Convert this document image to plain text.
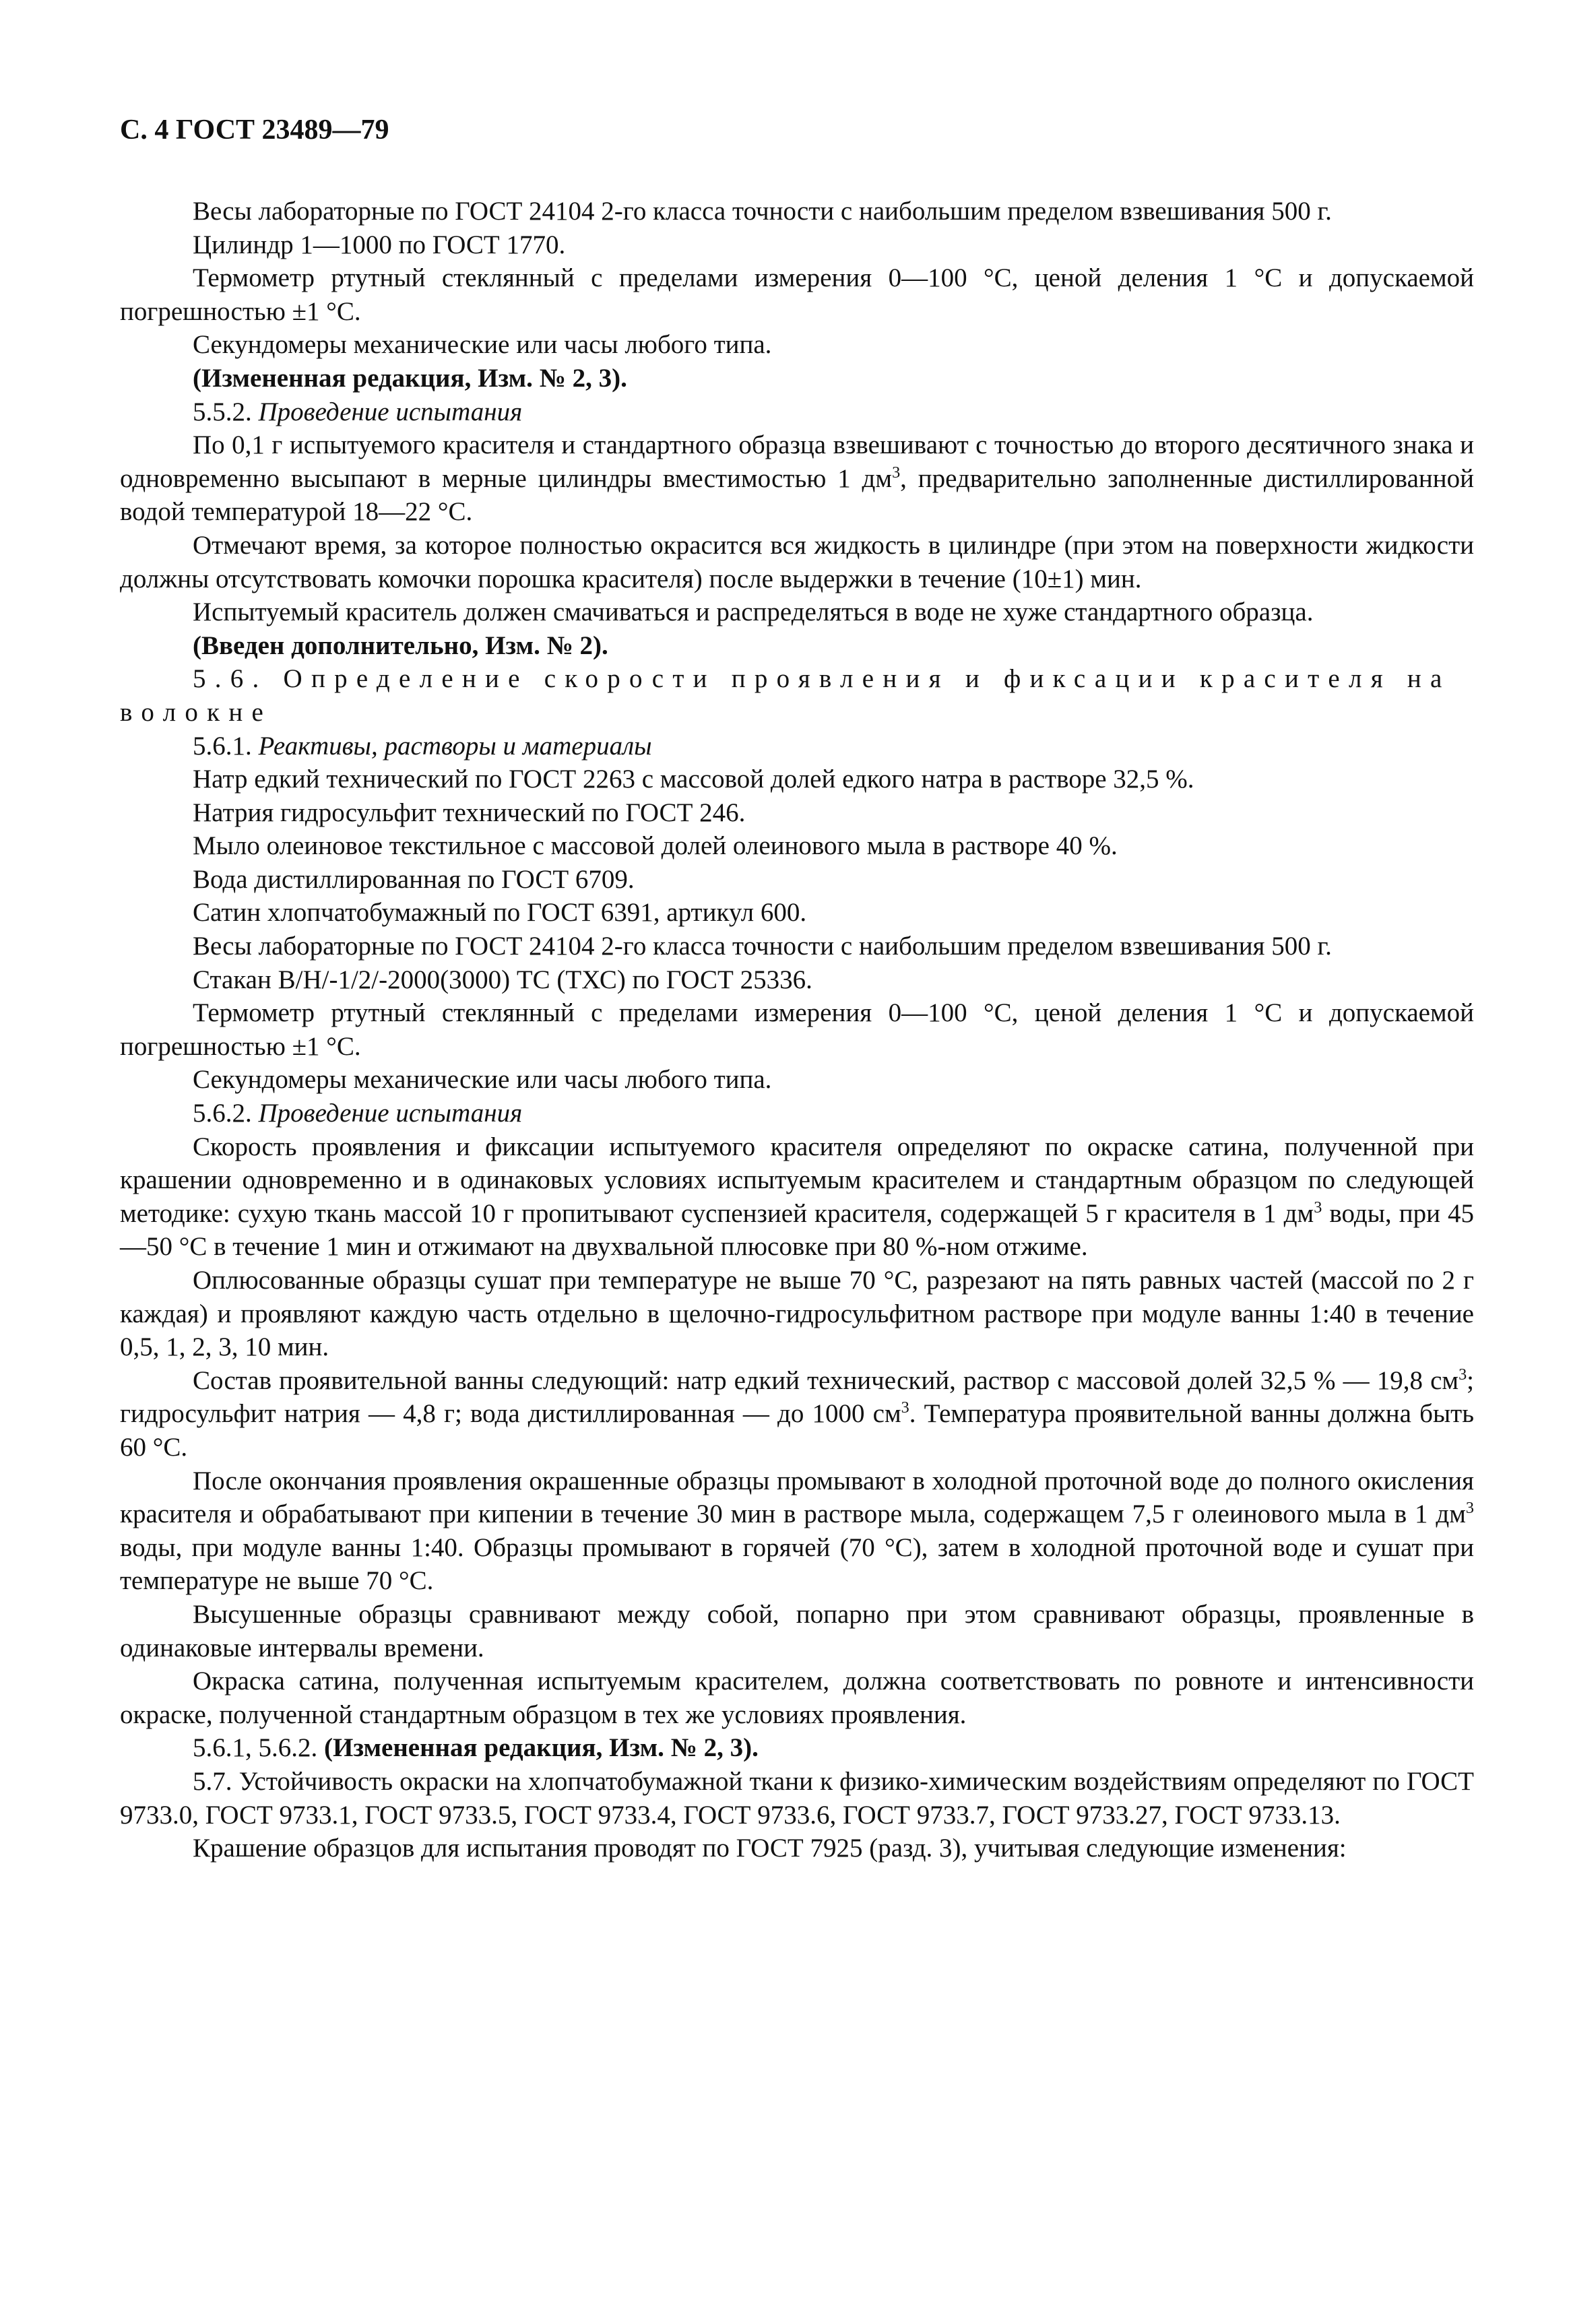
С. 4 ГОСТ 23489—79

Весы лабораторные по ГОСТ 24104 2-го класса точности с наибольшим пределом взвешивания 500 г.

Цилиндр 1—1000 по ГОСТ 1770.

Термометр ртутный стеклянный с пределами измерения 0—100 °С, ценой деления 1 °С и допускаемой погрешностью ±1 °С.

Секундомеры механические или часы любого типа.

(Измененная редакция, Изм. № 2, 3).

5.5.2. Проведение испытания

По 0,1 г испытуемого красителя и стандартного образца взвешивают с точностью до второго десятичного знака и одновременно высыпают в мерные цилиндры вместимостью 1 $дм^3$, предварительно заполненные дистиллированной водой температурой 18—22 °С.

Отмечают время, за которое полностью окрасится вся жидкость в цилиндре (при этом на поверхности жидкости должны отсутствовать комочки порошка красителя) после выдержки в течение (10±1) мин.

Испытуемый краситель должен смачиваться и распределяться в воде не хуже стандартного образца.

(Введен дополнительно, Изм. № 2).

5.6. Определение скорости проявления и фиксации красителя на волокне

5.6.1. Реактивы, растворы и материалы

Натр едкий технический по ГОСТ 2263 с массовой долей едкого натра в растворе 32,5 %.

Натрия гидросульфит технический по ГОСТ 246.

Мыло олеиновое текстильное с массовой долей олеинового мыла в растворе 40 %.

Вода дистиллированная по ГОСТ 6709.

Сатин хлопчатобумажный по ГОСТ 6391, артикул 600.

Весы лабораторные по ГОСТ 24104 2-го класса точности с наибольшим пределом взвешивания 500 г.

Стакан В/Н/-1/2/-2000(3000) ТС (ТХС) по ГОСТ 25336.

Термометр ртутный стеклянный с пределами измерения 0—100 °С, ценой деления 1 °С и допускаемой погрешностью ±1 °С.

Секундомеры механические или часы любого типа.

5.6.2. Проведение испытания

Скорость проявления и фиксации испытуемого красителя определяют по окраске сатина, полученной при крашении одновременно и в одинаковых условиях испытуемым красителем и стандартным образцом по следующей методике: сухую ткань массой 10 г пропитывают суспензией красителя, содержащей 5 г красителя в 1 $дм^3$ воды, при 45—50 °С в течение 1 мин и отжимают на двухвальной плюсовке при 80 %-ном отжиме.

Оплюсованные образцы сушат при температуре не выше 70 °С, разрезают на пять равных частей (массой по 2 г каждая) и проявляют каждую часть отдельно в щелочно-гидросульфитном растворе при модуле ванны 1:40 в течение 0,5, 1, 2, 3, 10 мин.

Состав проявительной ванны следующий: натр едкий технический, раствор с массовой долей 32,5 % — 19,8 $см^3$; гидросульфит натрия — 4,8 г; вода дистиллированная — до 1000 $см^3$. Температура проявительной ванны должна быть 60 °С.

После окончания проявления окрашенные образцы промывают в холодной проточной воде до полного окисления красителя и обрабатывают при кипении в течение 30 мин в растворе мыла, содержащем 7,5 г олеинового мыла в 1 $дм^3$ воды, при модуле ванны 1:40. Образцы промывают в горячей (70 °С), затем в холодной проточной воде и сушат при температуре не выше 70 °С.

Высушенные образцы сравнивают между собой, попарно при этом сравнивают образцы, проявленные в одинаковые интервалы времени.

Окраска сатина, полученная испытуемым красителем, должна соответствовать по ровноте и интенсивности окраске, полученной стандартным образцом в тех же условиях проявления.

5.6.1, 5.6.2. (Измененная редакция, Изм. № 2, 3).

5.7. Устойчивость окраски на хлопчатобумажной ткани к физико-химическим воздействиям определяют по ГОСТ 9733.0, ГОСТ 9733.1, ГОСТ 9733.5, ГОСТ 9733.4, ГОСТ 9733.6, ГОСТ 9733.7, ГОСТ 9733.27, ГОСТ 9733.13.

Крашение образцов для испытания проводят по ГОСТ 7925 (разд. 3), учитывая следующие изменения:
